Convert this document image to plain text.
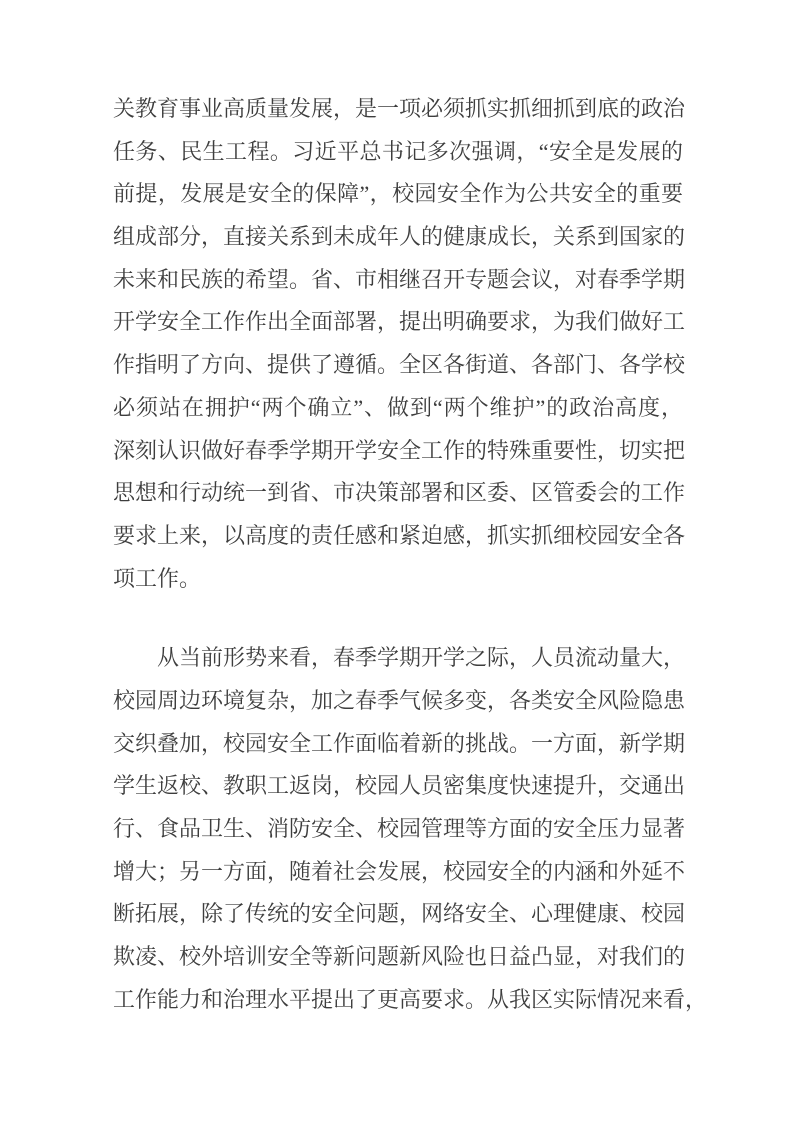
关教育事业高质量发展，是一项必须抓实抓细抓到底的政治
任务、民生工程。习近平总书记多次强调，“安全是发展的
前提，发展是安全的保障”，校园安全作为公共安全的重要
组成部分，直接关系到未成年人的健康成长，关系到国家的
未来和民族的希望。省、市相继召开专题会议，对春季学期
开学安全工作作出全面部署，提出明确要求，为我们做好工
作指明了方向、提供了遵循。全区各街道、各部门、各学校
必须站在拥护“两个确立”、做到“两个维护”的政治高度，
深刻认识做好春季学期开学安全工作的特殊重要性，切实把
思想和行动统一到省、市决策部署和区委、区管委会的工作
要求上来，以高度的责任感和紧迫感，抓实抓细校园安全各
项工作。
从当前形势来看，春季学期开学之际，人员流动量大，
校园周边环境复杂，加之春季气候多变，各类安全风险隐患
交织叠加，校园安全工作面临着新的挑战。一方面，新学期
学生返校、教职工返岗，校园人员密集度快速提升，交通出
行、食品卫生、消防安全、校园管理等方面的安全压力显著
增大；另一方面，随着社会发展，校园安全的内涵和外延不
断拓展，除了传统的安全问题，网络安全、心理健康、校园
欺凌、校外培训安全等新问题新风险也日益凸显，对我们的
工作能力和治理水平提出了更高要求。从我区实际情况来看，
